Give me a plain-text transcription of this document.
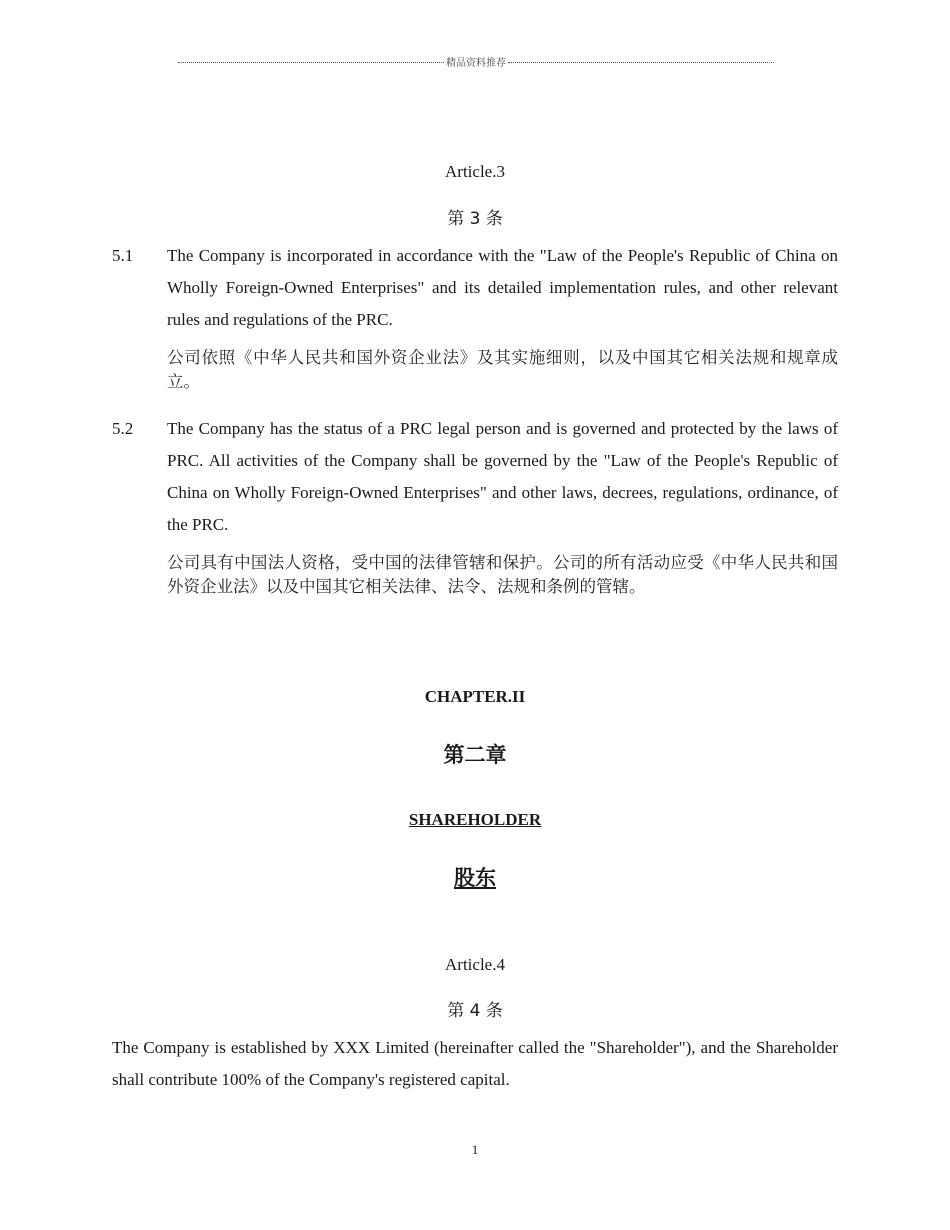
精品资料推荐
Article.3
第 3 条
5.1 The Company is incorporated in accordance with the "Law of the People's Republic of China on Wholly Foreign-Owned Enterprises" and its detailed implementation rules, and other relevant rules and regulations of the PRC.
公司依照《中华人民共和国外资企业法》及其实施细则，以及中国其它相关法规和规章成立。
5.2 The Company has the status of a PRC legal person and is governed and protected by the laws of PRC. All activities of the Company shall be governed by the "Law of the People's Republic of China on Wholly Foreign-Owned Enterprises" and other laws, decrees, regulations, ordinance, of the PRC.
公司具有中国法人资格，受中国的法律管辖和保护。公司的所有活动应受《中华人民共和国外资企业法》以及中国其它相关法律、法令、法规和条例的管辖。
CHAPTER.II
第二章
SHAREHOLDER
股东
Article.4
第 4 条
The Company is established by XXX Limited (hereinafter called the "Shareholder"), and the Shareholder shall contribute 100% of the Company's registered capital.
1
